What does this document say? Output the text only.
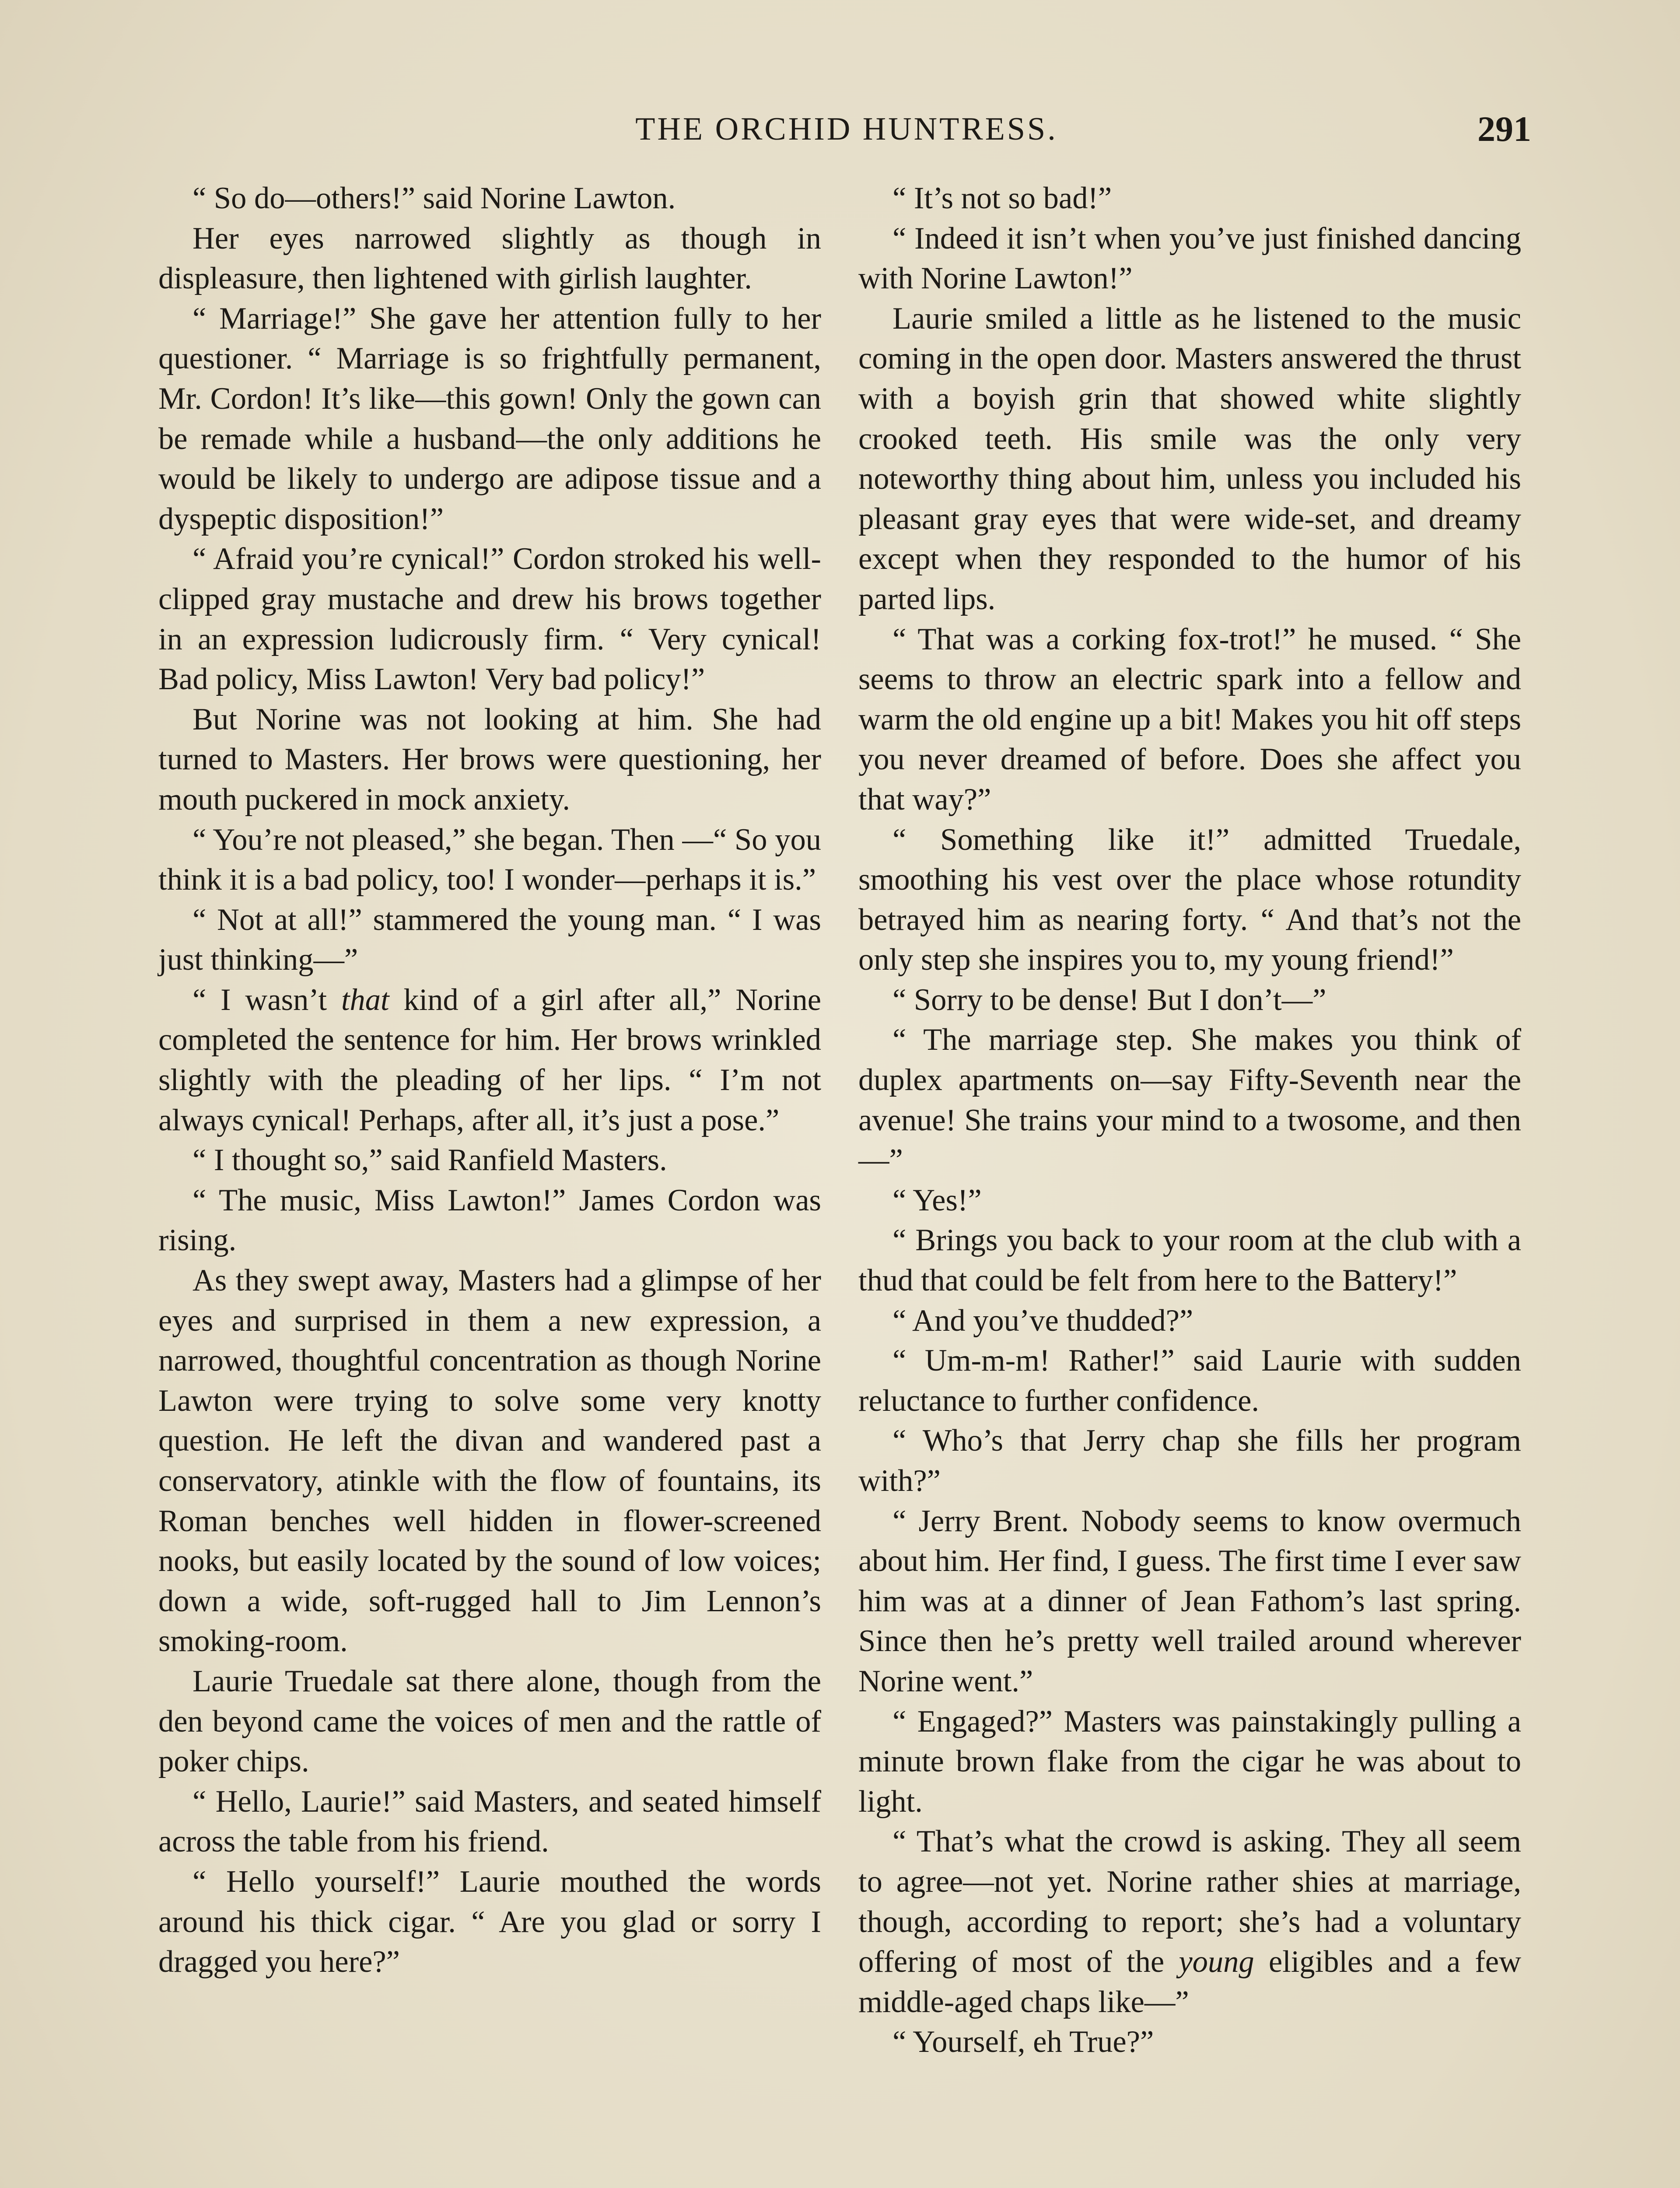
THE ORCHID HUNTRESS.	291

“ So do—others!” said Norine Lawton.

Her eyes narrowed slightly as though in displeasure, then lightened with girlish laughter.

“ Marriage!” She gave her attention fully to her questioner. “ Marriage is so frightfully permanent, Mr. Cordon! It’s like—this gown! Only the gown can be remade while a husband—the only additions he would be likely to undergo are adipose tissue and a dyspeptic disposition!”

“ Afraid you’re cynical!” Cordon stroked his well-clipped gray mustache and drew his brows together in an expression ludicrously firm. “ Very cynical! Bad policy, Miss Lawton! Very bad policy!”

But Norine was not looking at him. She had turned to Masters. Her brows were questioning, her mouth puckered in mock anxiety.

“ You’re not pleased,” she began. Then —“ So you think it is a bad policy, too! I wonder—perhaps it is.”

“ Not at all!” stammered the young man. “ I was just thinking—”

“ I wasn’t that kind of a girl after all,” Norine completed the sentence for him. Her brows wrinkled slightly with the pleading of her lips. “ I’m not always cynical! Perhaps, after all, it’s just a pose.”

“ I thought so,” said Ranfield Masters.

“ The music, Miss Lawton!” James Cordon was rising.

As they swept away, Masters had a glimpse of her eyes and surprised in them a new expression, a narrowed, thoughtful concentration as though Norine Lawton were trying to solve some very knotty question. He left the divan and wandered past a conservatory, atinkle with the flow of fountains, its Roman benches well hidden in flower-screened nooks, but easily located by the sound of low voices; down a wide, soft-rugged hall to Jim Lennon’s smoking-room.

Laurie Truedale sat there alone, though from the den beyond came the voices of men and the rattle of poker chips.

“ Hello, Laurie!” said Masters, and seated himself across the table from his friend.

“ Hello yourself!” Laurie mouthed the words around his thick cigar. “ Are you glad or sorry I dragged you here?”

“ It’s not so bad!”

“ Indeed it isn’t when you’ve just finished dancing with Norine Lawton!”

Laurie smiled a little as he listened to the music coming in the open door. Masters answered the thrust with a boyish grin that showed white slightly crooked teeth. His smile was the only very noteworthy thing about him, unless you included his pleasant gray eyes that were wide-set, and dreamy except when they responded to the humor of his parted lips.

“ That was a corking fox-trot!” he mused. “ She seems to throw an electric spark into a fellow and warm the old engine up a bit! Makes you hit off steps you never dreamed of before. Does she affect you that way?”

“ Something like it!” admitted Truedale, smoothing his vest over the place whose rotundity betrayed him as nearing forty. “ And that’s not the only step she inspires you to, my young friend!”

“ Sorry to be dense! But I don’t—”

“ The marriage step. She makes you think of duplex apartments on—say Fifty-Seventh near the avenue! She trains your mind to a twosome, and then—”

“ Yes!”

“ Brings you back to your room at the club with a thud that could be felt from here to the Battery!”

“ And you’ve thudded?”

“ Um-m-m! Rather!” said Laurie with sudden reluctance to further confidence.

“ Who’s that Jerry chap she fills her program with?”

“ Jerry Brent. Nobody seems to know overmuch about him. Her find, I guess. The first time I ever saw him was at a dinner of Jean Fathom’s last spring. Since then he’s pretty well trailed around wherever Norine went.”

“ Engaged?” Masters was painstakingly pulling a minute brown flake from the cigar he was about to light.

“ That’s what the crowd is asking. They all seem to agree—not yet. Norine rather shies at marriage, though, according to report; she’s had a voluntary offering of most of the young eligibles and a few middle-aged chaps like—”

“ Yourself, eh True?”
